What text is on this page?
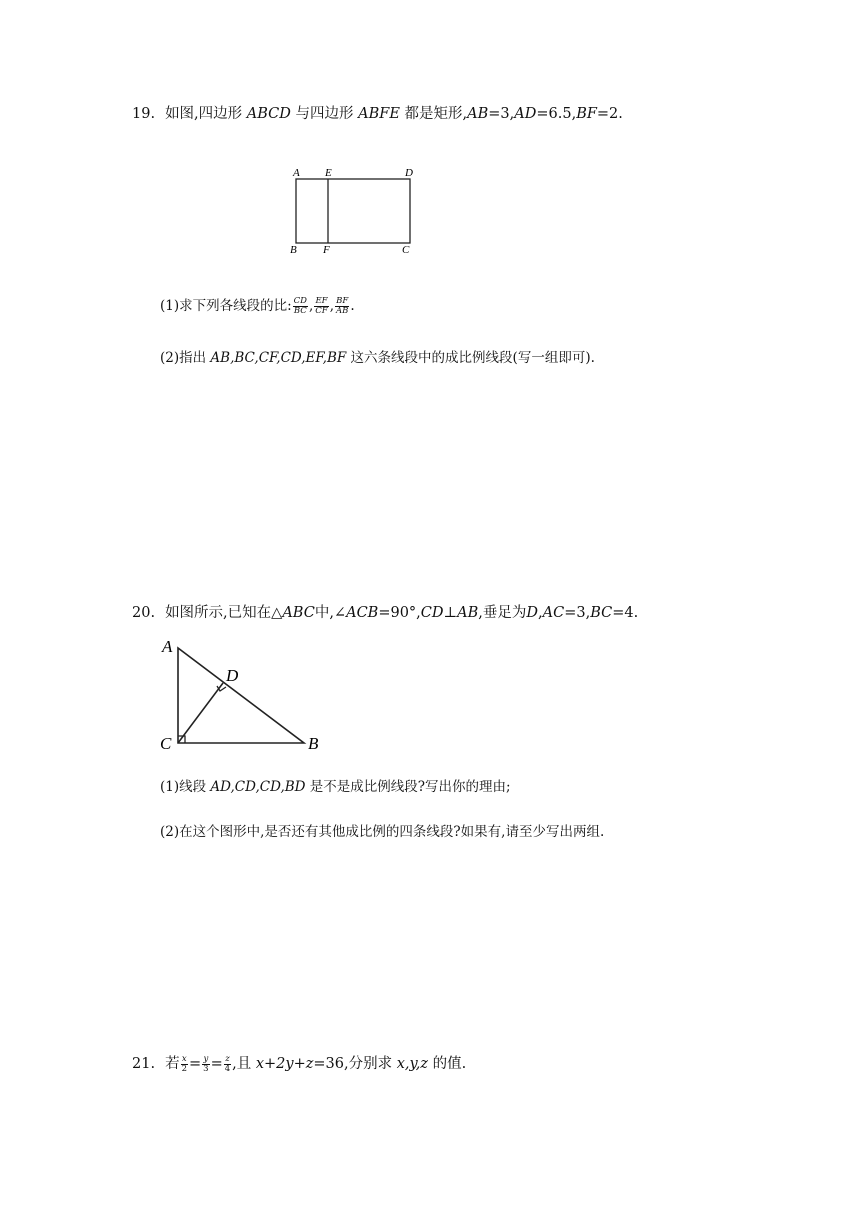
19. 如图,四边形 ABCD 与四边形 ABFE 都是矩形,AB=3,AD=6.5,BF=2.
A E	D
B F	C
(1)求下列各线段的比: $\frac{CD}{BC}$ , $\frac{EF}{CF}$ , $\frac{BF}{AB}$ .
(2)指出 AB,BC,CF,CD,EF,BF 这六条线段中的成比例线段(写一组即可).
20. 如图所示,已知在△ABC中,∠ACB=90°,CD⊥AB,垂足为D,AC=3,BC=4.
A
D
C	B
(1)线段 AD,CD,CD,BD 是不是成比例线段?写出你的理由;
(2)在这个图形中,是否还有其他成比例的四条线段?如果有,请至少写出两组.
21. 若 $\frac{x}{2} = \frac{y}{3} = \frac{z}{4}$ ,且 x+2y+z=36,分别求 x,y,z 的值.
